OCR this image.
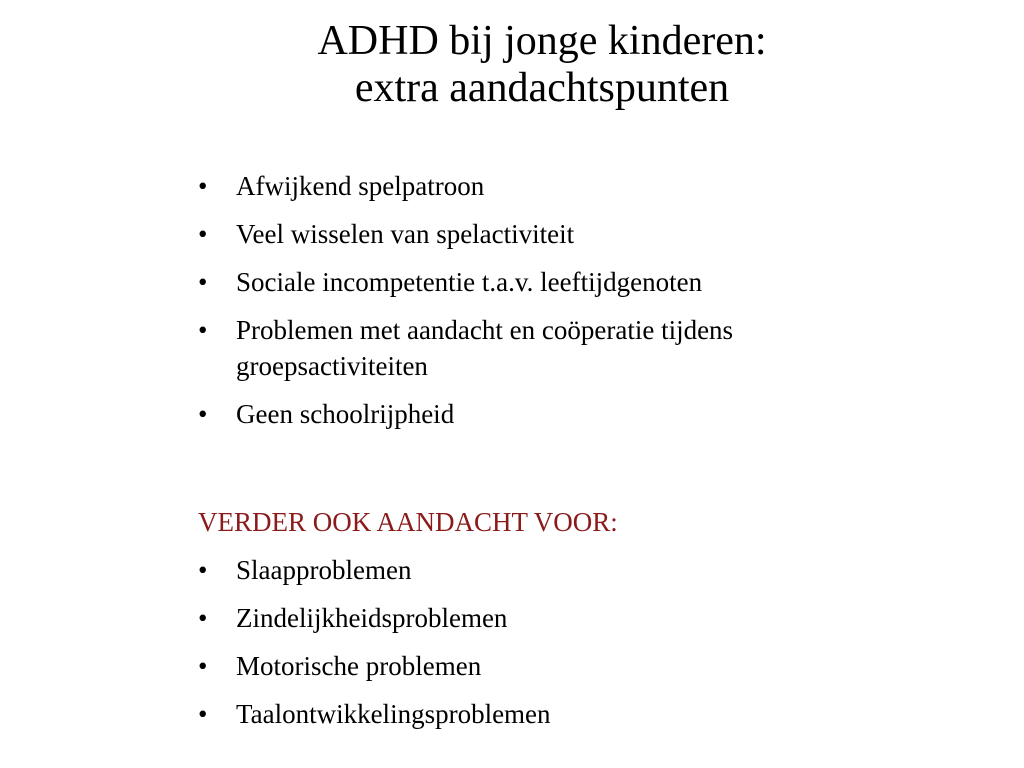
ADHD bij jonge kinderen:
extra aandachtspunten
•	Afwijkend spelpatroon
•	Veel wisselen van spelactiviteit
•	Sociale incompetentie t.a.v. leeftijdgenoten
•	Problemen met aandacht en coöperatie tijdens groepsactiviteiten
•	Geen schoolrijpheid
VERDER OOK AANDACHT VOOR:
•	Slaapproblemen
•	Zindelijkheidsproblemen
•	Motorische problemen
•	Taalontwikkelingsproblemen
